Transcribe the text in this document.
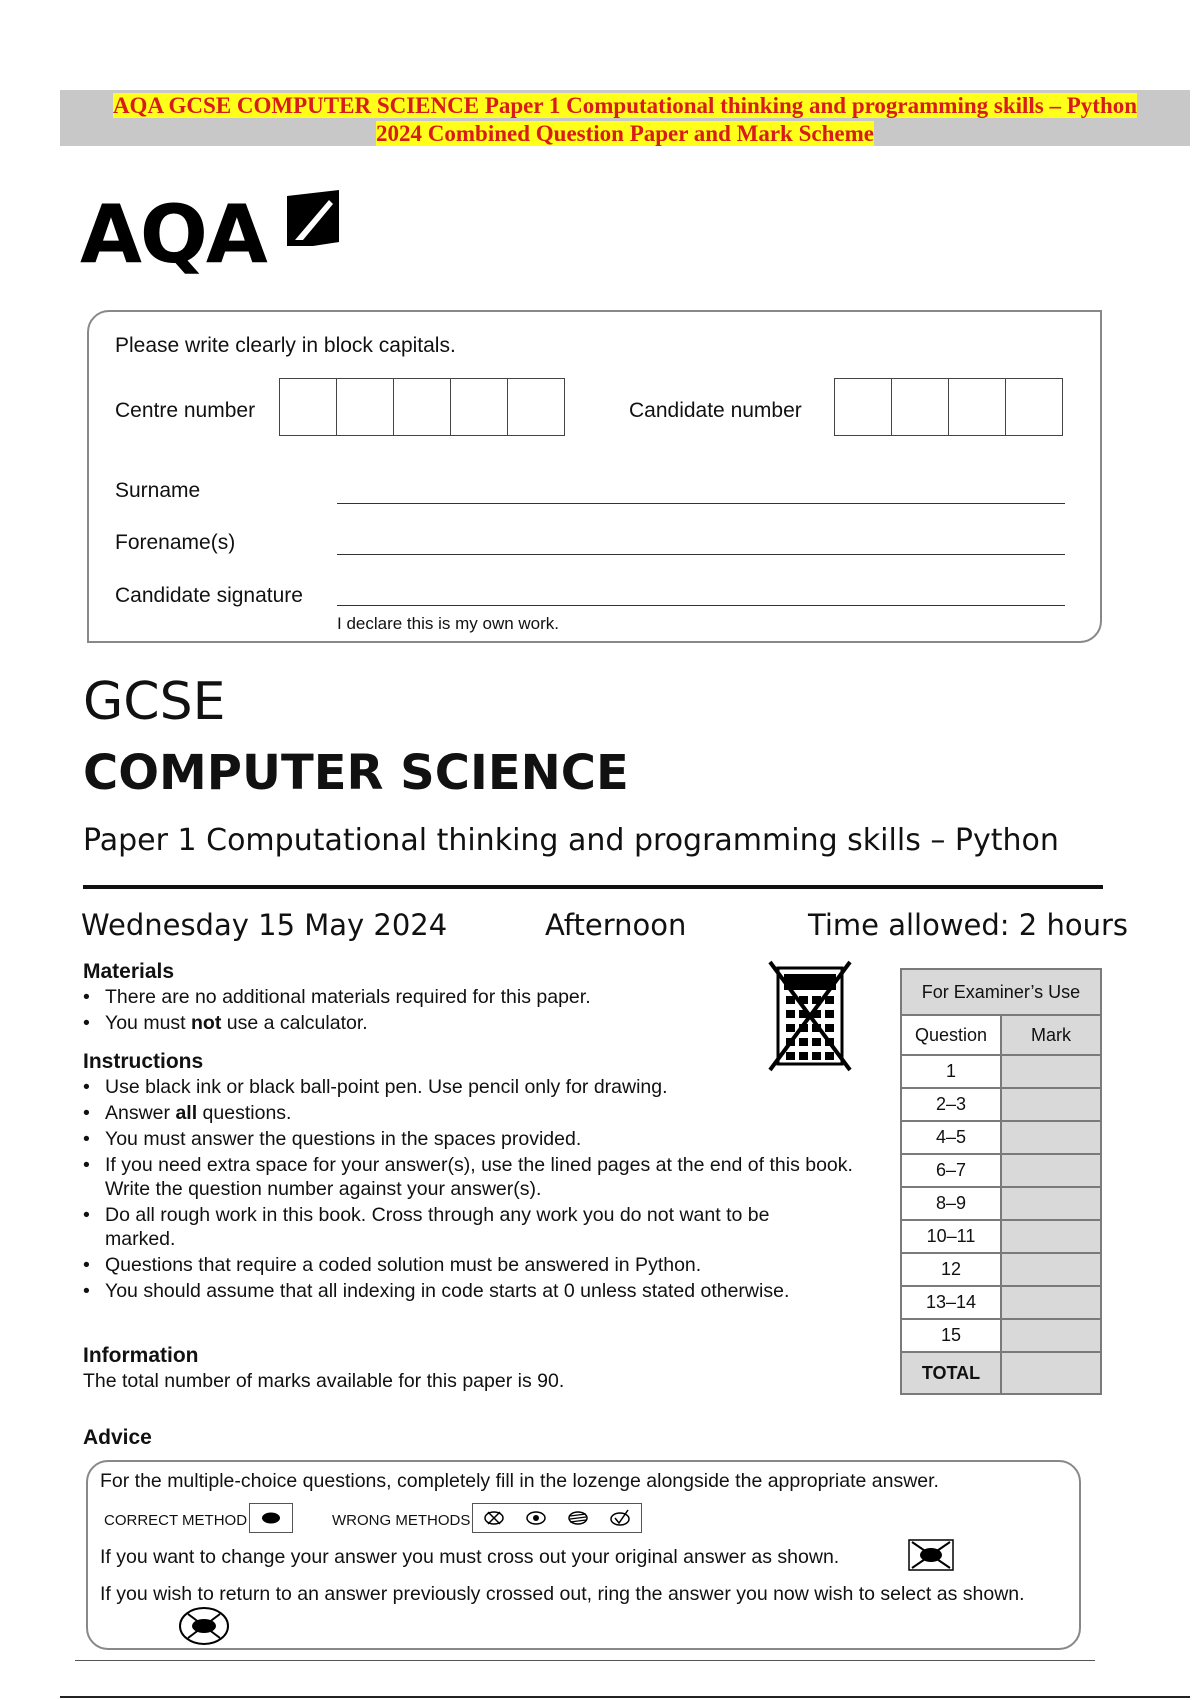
AQA GCSE COMPUTER SCIENCE Paper 1 Computational thinking and programming skills – Python
2024 Combined Question Paper and Mark Scheme
AQA
Please write clearly in block capitals.
Centre number	Candidate number
Surname
Forename(s)
Candidate signature
I declare this is my own work.
GCSE
COMPUTER SCIENCE
Paper 1 Computational thinking and programming skills – Python
Wednesday 15 May 2024	Afternoon	Time allowed: 2 hours
Materials
• There are no additional materials required for this paper.
• You must not use a calculator.
Instructions
• Use black ink or black ball-point pen. Use pencil only for drawing.
• Answer all questions.
• You must answer the questions in the spaces provided.
• If you need extra space for your answer(s), use the lined pages at the end of this book. Write the question number against your answer(s).
• Do all rough work in this book. Cross through any work you do not want to be marked.
• Questions that require a coded solution must be answered in Python.
• You should assume that all indexing in code starts at 0 unless stated otherwise.
Information
The total number of marks available for this paper is 90.
For Examiner’s Use	
Question	Mark
1	
2–3	
4–5	
6–7	
8–9	
10–11	
12	
13–14	
15	
TOTAL	
Advice
For the multiple-choice questions, completely fill in the lozenge alongside the appropriate answer.
CORRECT METHOD	WRONG METHODS
If you want to change your answer you must cross out your original answer as shown.
If you wish to return to an answer previously crossed out, ring the answer you now wish to select as shown.
